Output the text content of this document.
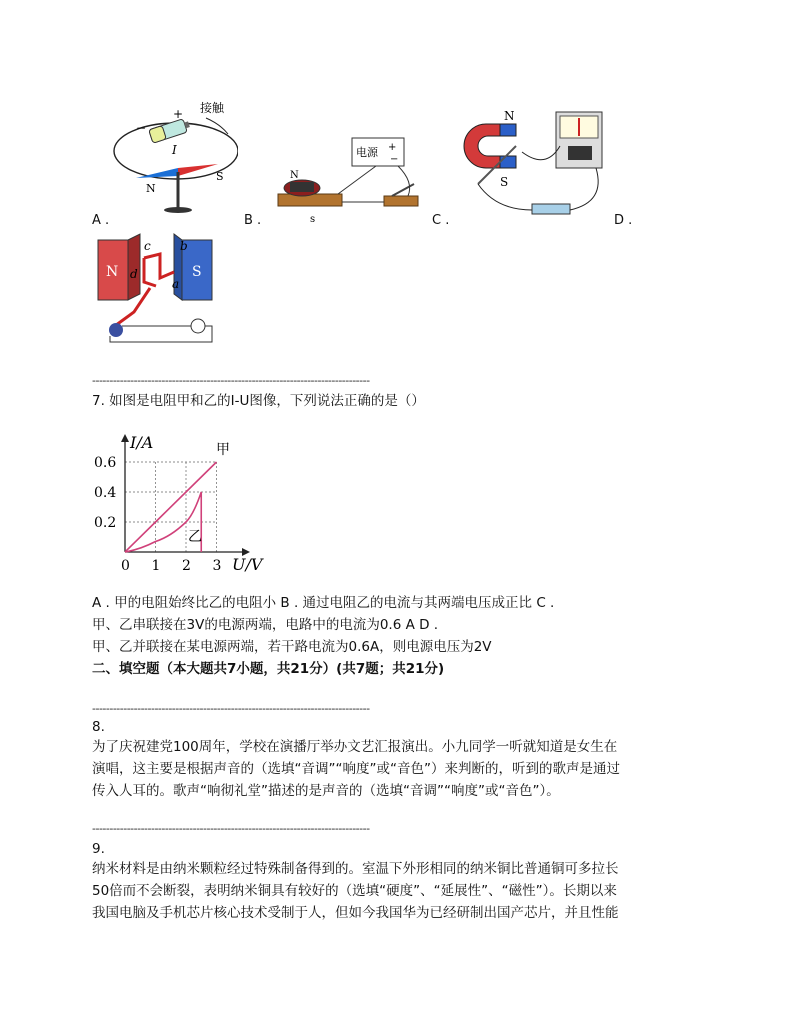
+
−
接触
I
N
S
A .	B .
电源 +
−
N
s	C .
N
S
D .
N	S
c b
d
a
--------------------------------------------------------------------------------
7. 如图是电阻甲和乙的I-U图像，下列说法正确的是（）
0.6
0.4
0.2
0 1 2 3
I/A
U/V
甲
乙
A . 甲的电阻始终比乙的电阻小 B . 通过电阻乙的电流与其两端电压成正比 C .
甲、乙串联接在3V的电源两端，电路中的电流为0.6 A D .
甲、乙并联接在某电源两端，若干路电流为0.6A，则电源电压为2V
二、填空题（本大题共7小题，共21分）(共7题；共21分)
--------------------------------------------------------------------------------
8.
为了庆祝建党100周年，学校在演播厅举办文艺汇报演出。小九同学一听就知道是女生在
演唱，这主要是根据声音的（选填“音调”“响度”或“音色”）来判断的，听到的歌声是通过
传入人耳的。歌声“响彻礼堂”描述的是声音的（选填“音调”“响度”或“音色”）。
--------------------------------------------------------------------------------
9.
纳米材料是由纳米颗粒经过特殊制备得到的。室温下外形相同的纳米铜比普通铜可多拉长
50倍而不会断裂，表明纳米铜具有较好的（选填“硬度”、“延展性”、“磁性”）。长期以来
我国电脑及手机芯片核心技术受制于人，但如今我国华为已经研制出国产芯片，并且性能
